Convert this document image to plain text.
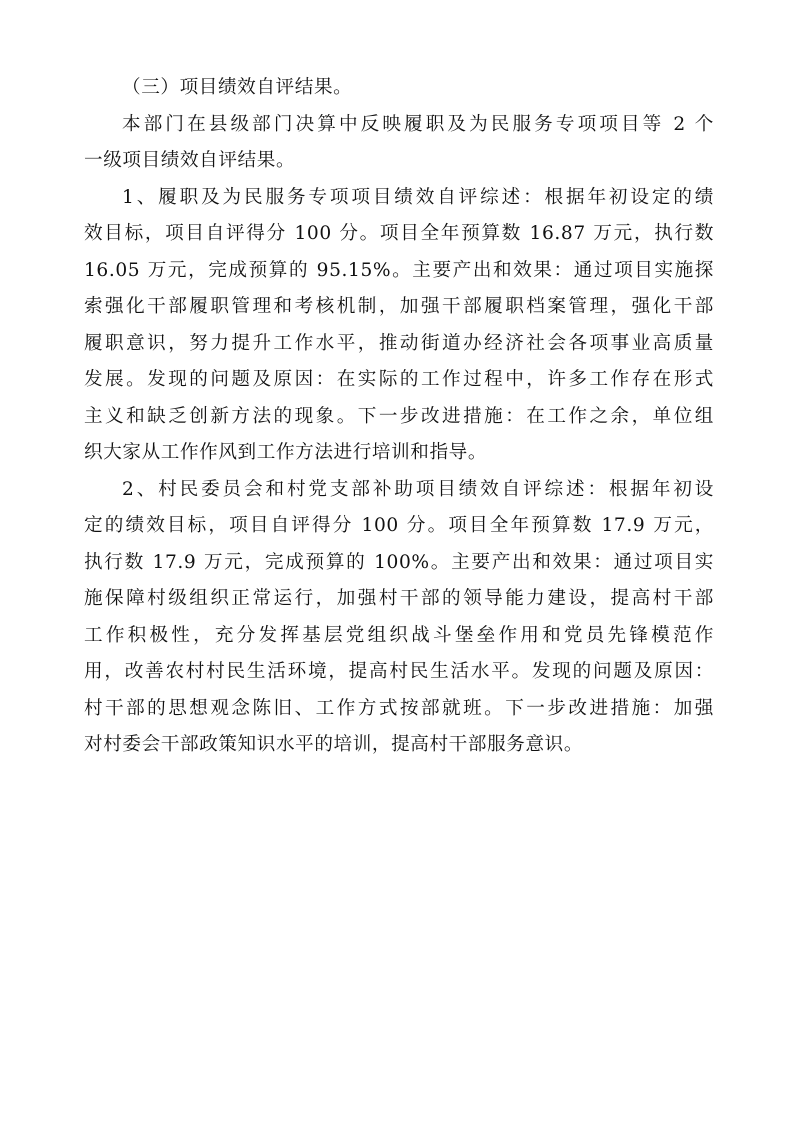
（三）项目绩效自评结果。
本部门在县级部门决算中反映履职及为民服务专项项目等 2 个
一级项目绩效自评结果。
1、履职及为民服务专项项目绩效自评综述：根据年初设定的绩
效目标，项目自评得分 100 分。项目全年预算数 16.87 万元，执行数
16.05 万元，完成预算的 95.15%。主要产出和效果：通过项目实施探
索强化干部履职管理和考核机制，加强干部履职档案管理，强化干部
履职意识，努力提升工作水平，推动街道办经济社会各项事业高质量
发展。发现的问题及原因：在实际的工作过程中，许多工作存在形式
主义和缺乏创新方法的现象。下一步改进措施：在工作之余，单位组
织大家从工作作风到工作方法进行培训和指导。
2、村民委员会和村党支部补助项目绩效自评综述：根据年初设
定的绩效目标，项目自评得分 100 分。项目全年预算数 17.9 万元，
执行数 17.9 万元，完成预算的 100%。主要产出和效果：通过项目实
施保障村级组织正常运行，加强村干部的领导能力建设，提高村干部
工作积极性，充分发挥基层党组织战斗堡垒作用和党员先锋模范作
用，改善农村村民生活环境，提高村民生活水平。发现的问题及原因：
村干部的思想观念陈旧、工作方式按部就班。下一步改进措施：加强
对村委会干部政策知识水平的培训，提高村干部服务意识。
